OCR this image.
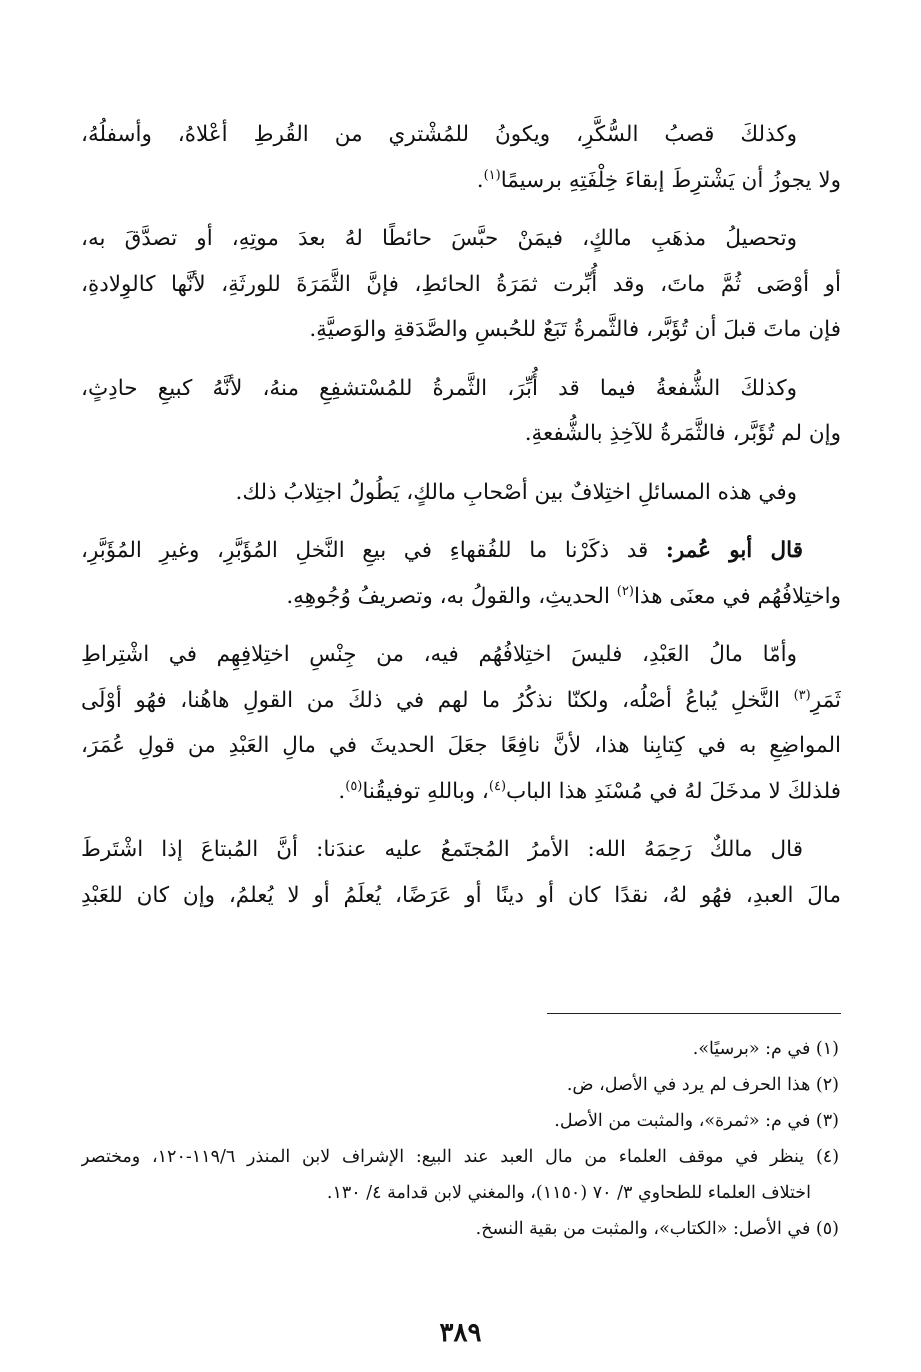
وكذلكَ قصبُ السُّكَّرِ، ويكونُ للمُشْتري من القُرطِ أعْلاهُ، وأسفلُهُ،
ولا يجوزُ أن يَشْترِطَ إبقاءَ خِلْفَتِهِ برسيمًا$^{(١)}$.
وتحصيلُ مذهَبِ مالكٍ، فيمَنْ حبَّسَ حائطًا لهُ بعدَ موتِهِ، أو تصدَّقَ به،
أو أوْصَى ثُمَّ ماتَ، وقد أُبِّرت ثمَرَةُ الحائطِ، فإنَّ الثَّمَرَةَ للورثَةِ، لأنَّها كالوِلادةِ،
فإن ماتَ قبلَ أن تُؤَبَّر، فالثَّمرةُ تَبَعٌ للحُبسِ والصَّدَقةِ والوَصيَّةِ.
وكذلكَ الشُّفعةُ فيما قد أُبِّرَ، الثَّمرةُ للمُسْتشفِعِ منهُ، لأنَّهُ كبيعِ حادِثٍ،
وإن لم تُؤَبَّر، فالثَّمَرةُ للآخِذِ بالشُّفعةِ.
وفي هذه المسائلِ اختِلافٌ بين أصْحابِ مالكٍ، يَطُولُ اجتِلابُ ذلك.
قال أبو عُمر: قد ذكَرْنا ما للفُقهاءِ في بيعِ النَّخلِ المُؤَبَّرِ، وغيرِ المُؤَبَّرِ،
واختِلافُهُم في معنَى هذا$^{(٢)}$ الحديثِ، والقولُ به، وتصريفُ وُجُوهِهِ.
وأمّا مالُ العَبْدِ، فليسَ اختِلافُهُم فيه، من جِنْسِ اختِلافِهِم في اشْتِراطِ
ثَمَرِ$^{(٣)}$ النَّخلِ يُباعُ أصْلُه، ولكنّا نذكُرُ ما لهم في ذلكَ من القولِ هاهُنا، فهُو أوْلَى
المواضِعِ به في كِتابِنا هذا، لأنَّ نافِعًا جعَلَ الحديثَ في مالِ العَبْدِ من قولِ عُمَرَ،
فلذلكَ لا مدخَلَ لهُ في مُسْنَدِ هذا الباب$^{(٤)}$، وباللهِ توفيقُنا$^{(٥)}$.
قال مالكٌ رَحِمَهُ الله: الأمرُ المُجتَمعُ عليه عندَنا: أنَّ المُبتاعَ إذا اشْتَرطَ
مالَ العبدِ، فهُو لهُ، نقدًا كان أو دينًا أو عَرَضًا، يُعلَمُ أو لا يُعلمُ، وإن كان للعَبْدِ
(١) في م: «برسيًا».
(٢) هذا الحرف لم يرد في الأصل، ض.
(٣) في م: «ثمرة»، والمثبت من الأصل.
(٤) ينظر في موقف العلماء من مال العبد عند البيع: الإشراف لابن المنذر ١١٩/٦-١٢٠، ومختصر
اختلاف العلماء للطحاوي ٣/ ٧٠ (١١٥٠)، والمغني لابن قدامة ٤/ ١٣٠.
(٥) في الأصل: «الكتاب»، والمثبت من بقية النسخ.
٣٨٩
